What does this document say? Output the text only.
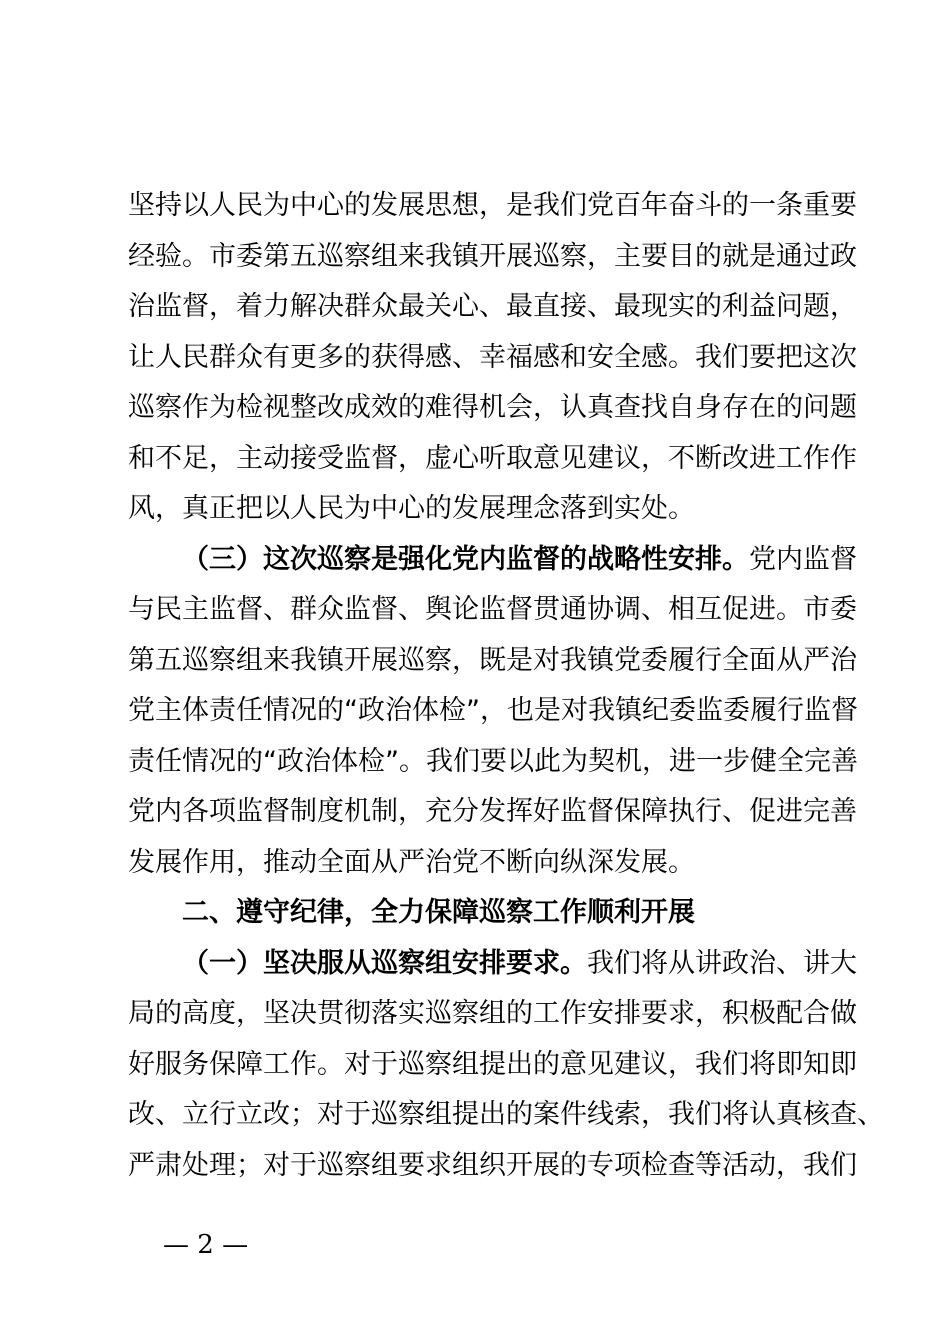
坚 持 以 人 民 为 中 心 的 发 展 思 想 ， 是 我 们 党 百 年 奋 斗 的 一 条 重 要
经 验 。 市 委 第 五 巡 察 组 来 我 镇 开 展 巡 察 ， 主 要 目 的 就 是 通 过 政
治 监 督 ， 着 力 解 决 群 众 最 关 心 、 最 直 接 、 最 现 实 的 利 益 问 题 ，
让 人 民 群 众 有 更 多 的 获 得 感 、 幸 福 感 和 安 全 感 。 我 们 要 把 这 次
巡 察 作 为 检 视 整 改 成 效 的 难 得 机 会 ， 认 真 查 找 自 身 存 在 的 问 题
和 不 足 ， 主 动 接 受 监 督 ， 虚 心 听 取 意 见 建 议 ， 不 断 改 进 工 作 作
风 ， 真 正 把 以 人 民 为 中 心 的 发 展 理 念 落 到 实 处 。
（ 三 ） 这 次 巡 察 是 强 化 党 内 监 督 的 战 略 性 安 排 。 党 内 监 督
与 民 主 监 督 、 群 众 监 督 、 舆 论 监 督 贯 通 协 调 、 相 互 促 进 。 市 委
第 五 巡 察 组 来 我 镇 开 展 巡 察 ， 既 是 对 我 镇 党 委 履 行 全 面 从 严 治
党 主 体 责 任 情 况 的 “ 政 治 体 检 ” ， 也 是 对 我 镇 纪 委 监 委 履 行 监 督
责 任 情 况 的 “ 政 治 体 检 ” 。 我 们 要 以 此 为 契 机 ， 进 一 步 健 全 完 善
党 内 各 项 监 督 制 度 机 制 ， 充 分 发 挥 好 监 督 保 障 执 行 、 促 进 完 善
发 展 作 用 ， 推 动 全 面 从 严 治 党 不 断 向 纵 深 发 展 。
二、遵守纪律，全力保障巡察工作顺利开展
（ 一 ） 坚 决 服 从 巡 察 组 安 排 要 求 。 我 们 将 从 讲 政 治 、 讲 大
局 的 高 度 ， 坚 决 贯 彻 落 实 巡 察 组 的 工 作 安 排 要 求 ， 积 极 配 合 做
好 服 务 保 障 工 作 。 对 于 巡 察 组 提 出 的 意 见 建 议 ， 我 们 将 即 知 即
改 、 立 行 立 改 ； 对 于 巡 察 组 提 出 的 案 件 线 索 ， 我 们 将 认 真 核 查 、
严 肃 处 理 ； 对 于 巡 察 组 要 求 组 织 开 展 的 专 项 检 查 等 活 动 ， 我 们
— 2 —
